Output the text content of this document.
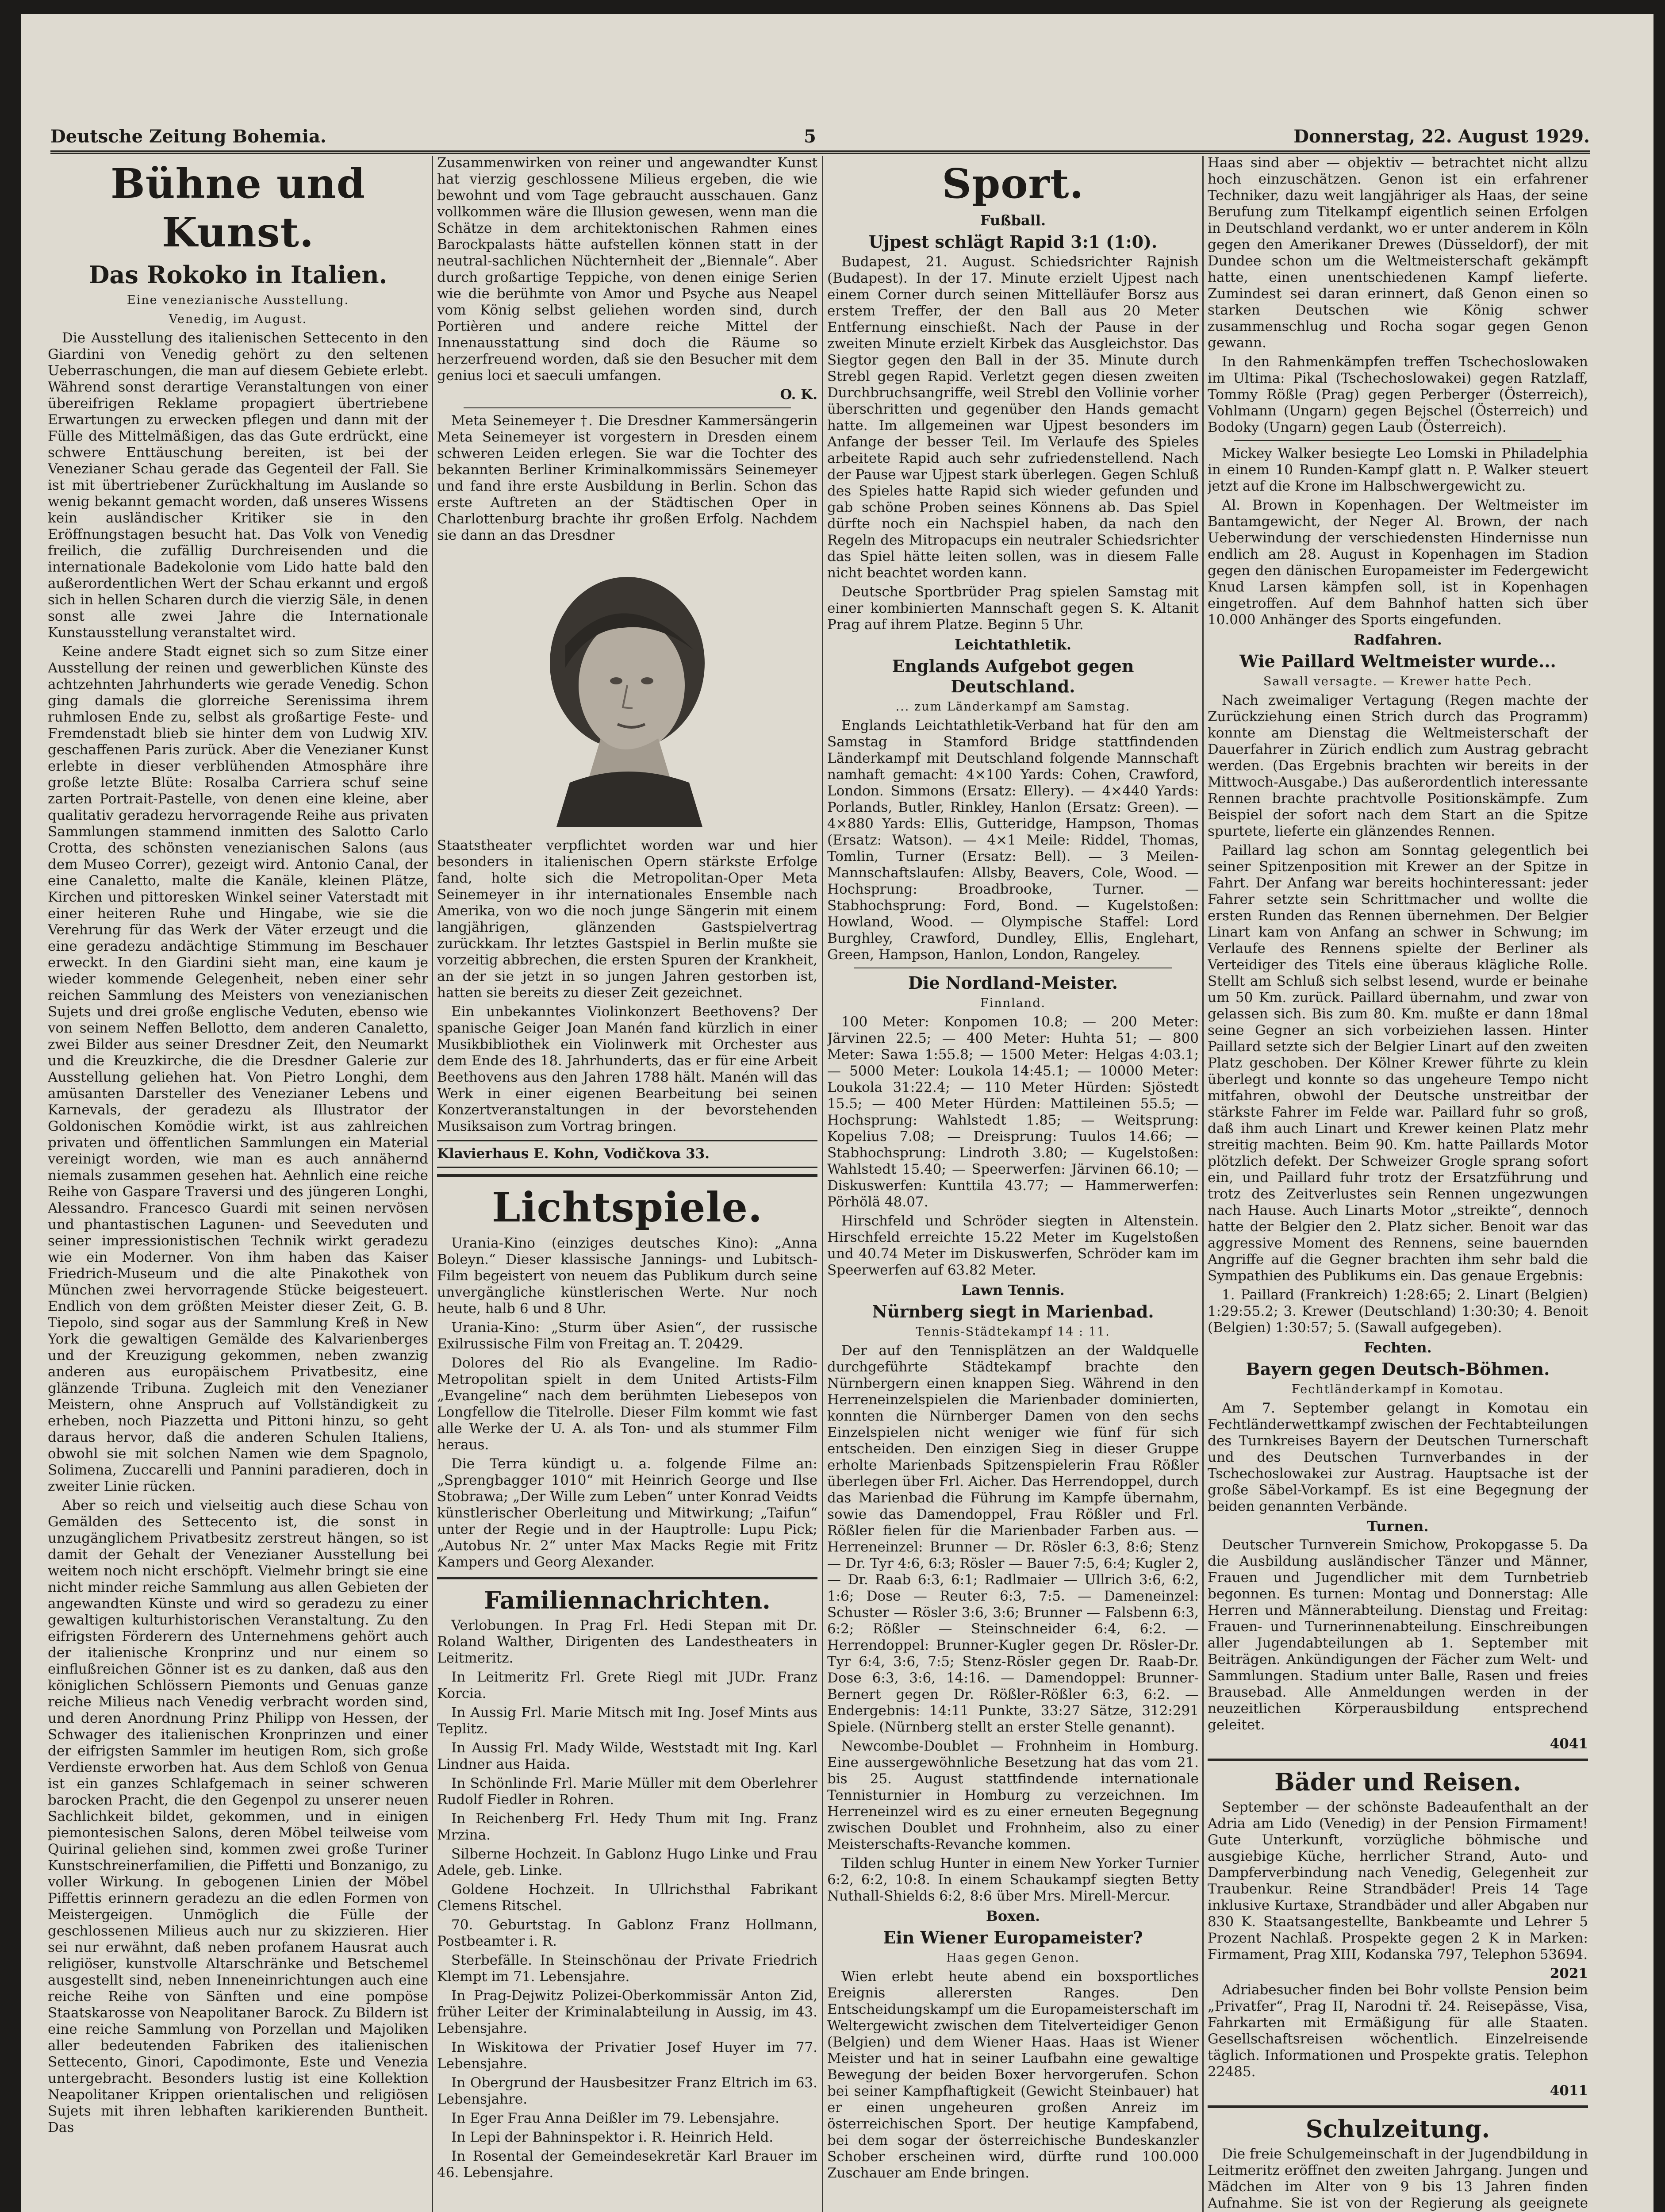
Deutsche Zeitung Bohemia.	5	Donnerstag, 22. August 1929.
Bühne und Kunst.
Das Rokoko in Italien.
Eine venezianische Ausstellung.
Venedig, im August.

Die Ausstellung des italienischen Settecento in den Giardini von Venedig gehört zu den seltenen Ueberraschungen, die man auf diesem Gebiete erlebt. Während sonst derartige Veranstaltungen von einer übereifrigen Reklame propagiert übertriebene Erwartungen zu erwecken pflegen und dann mit der Fülle des Mittelmäßigen, das das Gute erdrückt, eine schwere Enttäuschung bereiten, ist bei der Venezianer Schau gerade das Gegenteil der Fall. Sie ist mit übertriebener Zurückhaltung im Auslande so wenig bekannt gemacht worden, daß unseres Wissens kein ausländischer Kritiker sie in den Eröffnungstagen besucht hat. Das Volk von Venedig freilich, die zufällig Durchreisenden und die internationale Badekolonie vom Lido hatte bald den außerordentlichen Wert der Schau erkannt und ergoß sich in hellen Scharen durch die vierzig Säle, in denen sonst alle zwei Jahre die Internationale Kunstausstellung veranstaltet wird.

Keine andere Stadt eignet sich so zum Sitze einer Ausstellung der reinen und gewerblichen Künste des achtzehnten Jahrhunderts wie gerade Venedig. Schon ging damals die glorreiche Serenissima ihrem ruhmlosen Ende zu, selbst als großartige Feste- und Fremdenstadt blieb sie hinter dem von Ludwig XIV. geschaffenen Paris zurück. Aber die Venezianer Kunst erlebte in dieser verblühenden Atmosphäre ihre große letzte Blüte: Rosalba Carriera schuf seine zarten Portrait-Pastelle, von denen eine kleine, aber qualitativ geradezu hervorragende Reihe aus privaten Sammlungen stammend inmitten des Salotto Carlo Crotta, des schönsten venezianischen Salons (aus dem Museo Correr), gezeigt wird. Antonio Canal, der eine Canaletto, malte die Kanäle, kleinen Plätze, Kirchen und pittoresken Winkel seiner Vaterstadt mit einer heiteren Ruhe und Hingabe, wie sie die Verehrung für das Werk der Väter erzeugt und die eine geradezu andächtige Stimmung im Beschauer erweckt. In den Giardini sieht man, eine kaum je wieder kommende Gelegenheit, neben einer sehr reichen Sammlung des Meisters von venezianischen Sujets und drei große englische Veduten, ebenso wie von seinem Neffen Bellotto, dem anderen Canaletto, zwei Bilder aus seiner Dresdner Zeit, den Neumarkt und die Kreuzkirche, die die Dresdner Galerie zur Ausstellung geliehen hat. Von Pietro Longhi, dem amüsanten Darsteller des Venezianer Lebens und Karnevals, der geradezu als Illustrator der Goldonischen Komödie wirkt, ist aus zahlreichen privaten und öffentlichen Sammlungen ein Material vereinigt worden, wie man es auch annähernd niemals zusammen gesehen hat. Aehnlich eine reiche Reihe von Gaspare Traversi und des jüngeren Longhi, Alessandro. Francesco Guardi mit seinen nervösen und phantastischen Lagunen- und Seeveduten und seiner impressionistischen Technik wirkt geradezu wie ein Moderner. Von ihm haben das Kaiser Friedrich-Museum und die alte Pinakothek von München zwei hervorragende Stücke beigesteuert. Endlich von dem größten Meister dieser Zeit, G. B. Tiepolo, sind sogar aus der Sammlung Kreß in New York die gewaltigen Gemälde des Kalvarienberges und der Kreuzigung gekommen, neben zwanzig anderen aus europäischem Privatbesitz, eine glänzende Tribuna. Zugleich mit den Venezianer Meistern, ohne Anspruch auf Vollständigkeit zu erheben, noch Piazzetta und Pittoni hinzu, so geht daraus hervor, daß die anderen Schulen Italiens, obwohl sie mit solchen Namen wie dem Spagnolo, Solimena, Zuccarelli und Pannini paradieren, doch in zweiter Linie rücken.

Aber so reich und vielseitig auch diese Schau von Gemälden des Settecento ist, die sonst in unzugänglichem Privatbesitz zerstreut hängen, so ist damit der Gehalt der Venezianer Ausstellung bei weitem noch nicht erschöpft. Vielmehr bringt sie eine nicht minder reiche Sammlung aus allen Gebieten der angewandten Künste und wird so geradezu zu einer gewaltigen kulturhistorischen Veranstaltung. Zu den eifrigsten Förderern des Unternehmens gehört auch der italienische Kronprinz und nur einem so einflußreichen Gönner ist es zu danken, daß aus den königlichen Schlössern Piemonts und Genuas ganze reiche Milieus nach Venedig verbracht worden sind, und deren Anordnung Prinz Philipp von Hessen, der Schwager des italienischen Kronprinzen und einer der eifrigsten Sammler im heutigen Rom, sich große Verdienste erworben hat. Aus dem Schloß von Genua ist ein ganzes Schlafgemach in seiner schweren barocken Pracht, die den Gegenpol zu unserer neuen Sachlichkeit bildet, gekommen, und in einigen piemontesischen Salons, deren Möbel teilweise vom Quirinal geliehen sind, kommen zwei große Turiner Kunstschreinerfamilien, die Piffetti und Bonzanigo, zu voller Wirkung. In gebogenen Linien der Möbel Piffettis erinnern geradezu an die edlen Formen von Meistergeigen. Unmöglich die Fülle der geschlossenen Milieus auch nur zu skizzieren. Hier sei nur erwähnt, daß neben profanem Hausrat auch religiöser, kunstvolle Altarschränke und Betschemel ausgestellt sind, neben Inneneinrichtungen auch eine reiche Reihe von Sänften und eine pompöse Staatskarosse von Neapolitaner Barock. Zu Bildern ist eine reiche Sammlung von Porzellan und Majoliken aller bedeutenden Fabriken des italienischen Settecento, Ginori, Capodimonte, Este und Venezia untergebracht. Besonders lustig ist eine Kollektion Neapolitaner Krippen orientalischen und religiösen Sujets mit ihren lebhaften karikierenden Buntheit. Das

Zusammenwirken von reiner und angewandter Kunst hat vierzig geschlossene Milieus ergeben, die wie bewohnt und vom Tage gebraucht ausschauen. Ganz vollkommen wäre die Illusion gewesen, wenn man die Schätze in dem architektonischen Rahmen eines Barockpalasts hätte aufstellen können statt in der neutral-sachlichen Nüchternheit der „Biennale“. Aber durch großartige Teppiche, von denen einige Serien wie die berühmte von Amor und Psyche aus Neapel vom König selbst geliehen worden sind, durch Portièren und andere reiche Mittel der Innenausstattung sind doch die Räume so herzerfreuend worden, daß sie den Besucher mit dem genius loci et saeculi umfangen.

O. K.

Meta Seinemeyer †. Die Dresdner Kammersängerin Meta Seinemeyer ist vorgestern in Dresden einem schweren Leiden erlegen. Sie war die Tochter des bekannten Berliner Kriminalkommissärs Seinemeyer und fand ihre erste Ausbildung in Berlin. Schon das erste Auftreten an der Städtischen Oper in Charlottenburg brachte ihr großen Erfolg. Nachdem sie dann an das Dresdner

Staatstheater verpflichtet worden war und hier besonders in italienischen Opern stärkste Erfolge fand, holte sich die Metropolitan-Oper Meta Seinemeyer in ihr internationales Ensemble nach Amerika, von wo die noch junge Sängerin mit einem langjährigen, glänzenden Gastspielvertrag zurückkam. Ihr letztes Gastspiel in Berlin mußte sie vorzeitig abbrechen, die ersten Spuren der Krankheit, an der sie jetzt in so jungen Jahren gestorben ist, hatten sie bereits zu dieser Zeit gezeichnet.

Ein unbekanntes Violinkonzert Beethovens? Der spanische Geiger Joan Manén fand kürzlich in einer Musikbibliothek ein Violinwerk mit Orchester aus dem Ende des 18. Jahrhunderts, das er für eine Arbeit Beethovens aus den Jahren 1788 hält. Manén will das Werk in einer eigenen Bearbeitung bei seinen Konzertveranstaltungen in der bevorstehenden Musiksaison zum Vortrag bringen.

Klavierhaus E. Kohn, Vodičkova 33.
Lichtspiele.

Urania-Kino (einziges deutsches Kino): „Anna Boleyn.“ Dieser klassische Jannings- und Lubitsch-Film begeistert von neuem das Publikum durch seine unvergängliche künstlerischen Werte. Nur noch heute, halb 6 und 8 Uhr.

Urania-Kino: „Sturm über Asien“, der russische Exilrussische Film von Freitag an. T. 20429.

Dolores del Rio als Evangeline. Im Radio-Metropolitan spielt in dem United Artists-Film „Evangeline“ nach dem berühmten Liebesepos von Longfellow die Titelrolle. Dieser Film kommt wie fast alle Werke der U. A. als Ton- und als stummer Film heraus.

Die Terra kündigt u. a. folgende Filme an: „Sprengbagger 1010“ mit Heinrich George und Ilse Stobrawa; „Der Wille zum Leben“ unter Konrad Veidts künstlerischer Oberleitung und Mitwirkung; „Taifun“ unter der Regie und in der Hauptrolle: Lupu Pick; „Autobus Nr. 2“ unter Max Macks Regie mit Fritz Kampers und Georg Alexander.

Familiennachrichten.

Verlobungen. In Prag Frl. Hedi Stepan mit Dr. Roland Walther, Dirigenten des Landestheaters in Leitmeritz.

In Leitmeritz Frl. Grete Riegl mit JUDr. Franz Korcia.

In Aussig Frl. Marie Mitsch mit Ing. Josef Mints aus Teplitz.

In Aussig Frl. Mady Wilde, Weststadt mit Ing. Karl Lindner aus Haida.

In Schönlinde Frl. Marie Müller mit dem Oberlehrer Rudolf Fiedler in Rohren.

In Reichenberg Frl. Hedy Thum mit Ing. Franz Mrzina.

Silberne Hochzeit. In Gablonz Hugo Linke und Frau Adele, geb. Linke.

Goldene Hochzeit. In Ullrichsthal Fabrikant Clemens Ritschel.

70. Geburtstag. In Gablonz Franz Hollmann, Postbeamter i. R.

Sterbefälle. In Steinschönau der Private Friedrich Klempt im 71. Lebensjahre.

In Prag-Dejwitz Polizei-Oberkommissär Anton Zid, früher Leiter der Kriminalabteilung in Aussig, im 43. Lebensjahre.

In Wiskitowa der Privatier Josef Huyer im 77. Lebensjahre.

In Obergrund der Hausbesitzer Franz Eltrich im 63. Lebensjahre.

In Eger Frau Anna Deißler im 79. Lebensjahre.

In Lepi der Bahninspektor i. R. Heinrich Held.

In Rosental der Gemeindesekretär Karl Brauer im 46. Lebensjahre.

Sport.
Fußball.
Ujpest schlägt Rapid 3:1 (1:0).

Budapest, 21. August. Schiedsrichter Rajnish (Budapest). In der 17. Minute erzielt Ujpest nach einem Corner durch seinen Mittelläufer Borsz aus erstem Treffer, der den Ball aus 20 Meter Entfernung einschießt. Nach der Pause in der zweiten Minute erzielt Kirbek das Ausgleichstor. Das Siegtor gegen den Ball in der 35. Minute durch Strebl gegen Rapid. Verletzt gegen diesen zweiten Durchbruchsangriffe, weil Strebl den Vollinie vorher überschritten und gegenüber den Hands gemacht hatte. Im allgemeinen war Ujpest besonders im Anfange der besser Teil. Im Verlaufe des Spieles arbeitete Rapid auch sehr zufriedenstellend. Nach der Pause war Ujpest stark überlegen. Gegen Schluß des Spieles hatte Rapid sich wieder gefunden und gab schöne Proben seines Könnens ab. Das Spiel dürfte noch ein Nachspiel haben, da nach den Regeln des Mitropacups ein neutraler Schiedsrichter das Spiel hätte leiten sollen, was in diesem Falle nicht beachtet worden kann.

Deutsche Sportbrüder Prag spielen Samstag mit einer kombinierten Mannschaft gegen S. K. Altanit Prag auf ihrem Platze. Beginn 5 Uhr.

Leichtathletik.
Englands Aufgebot gegen Deutschland.
... zum Länderkampf am Samstag.

Englands Leichtathletik-Verband hat für den am Samstag in Stamford Bridge stattfindenden Länderkampf mit Deutschland folgende Mannschaft namhaft gemacht: 4×100 Yards: Cohen, Crawford, London. Simmons (Ersatz: Ellery). — 4×440 Yards: Porlands, Butler, Rinkley, Hanlon (Ersatz: Green). — 4×880 Yards: Ellis, Gutteridge, Hampson, Thomas (Ersatz: Watson). — 4×1 Meile: Riddel, Thomas, Tomlin, Turner (Ersatz: Bell). — 3 Meilen-Mannschaftslaufen: Allsby, Beavers, Cole, Wood. — Hochsprung: Broadbrooke, Turner. — Stabhochsprung: Ford, Bond. — Kugelstoßen: Howland, Wood. — Olympische Staffel: Lord Burghley, Crawford, Dundley, Ellis, Englehart, Green, Hampson, Hanlon, London, Rangeley.

Die Nordland-Meister.
Finnland.

100 Meter: Konpomen 10.8; — 200 Meter: Järvinen 22.5; — 400 Meter: Huhta 51; — 800 Meter: Sawa 1:55.8; — 1500 Meter: Helgas 4:03.1; — 5000 Meter: Loukola 14:45.1; — 10000 Meter: Loukola 31:22.4; — 110 Meter Hürden: Sjöstedt 15.5; — 400 Meter Hürden: Mattileinen 55.5; — Hochsprung: Wahlstedt 1.85; — Weitsprung: Kopelius 7.08; — Dreisprung: Tuulos 14.66; — Stabhochsprung: Lindroth 3.80; — Kugelstoßen: Wahlstedt 15.40; — Speerwerfen: Järvinen 66.10; — Diskuswerfen: Kunttila 43.77; — Hammerwerfen: Pörhölä 48.07.

Hirschfeld und Schröder siegten in Altenstein. Hirschfeld erreichte 15.22 Meter im Kugelstoßen und 40.74 Meter im Diskuswerfen, Schröder kam im Speerwerfen auf 63.82 Meter.

Lawn Tennis.
Nürnberg siegt in Marienbad.
Tennis-Städtekampf 14 : 11.

Der auf den Tennisplätzen an der Waldquelle durchgeführte Städtekampf brachte den Nürnbergern einen knappen Sieg. Während in den Herreneinzelspielen die Marienbader dominierten, konnten die Nürnberger Damen von den sechs Einzelspielen nicht weniger wie fünf für sich entscheiden. Den einzigen Sieg in dieser Gruppe erholte Marienbads Spitzenspielerin Frau Rößler überlegen über Frl. Aicher. Das Herrendoppel, durch das Marienbad die Führung im Kampfe übernahm, sowie das Damendoppel, Frau Rößler und Frl. Rößler fielen für die Marienbader Farben aus. — Herreneinzel: Brunner — Dr. Rösler 6:3, 8:6; Stenz — Dr. Tyr 4:6, 6:3; Rösler — Bauer 7:5, 6:4; Kugler 2, — Dr. Raab 6:3, 6:1; Radlmaier — Ullrich 3:6, 6:2, 1:6; Dose — Reuter 6:3, 7:5. — Dameneinzel: Schuster — Rösler 3:6, 3:6; Brunner — Falsbenn 6:3, 6:2; Rößler — Steinschneider 6:4, 6:2. — Herrendoppel: Brunner-Kugler gegen Dr. Rösler-Dr. Tyr 6:4, 3:6, 7:5; Stenz-Rösler gegen Dr. Raab-Dr. Dose 6:3, 3:6, 14:16. — Damendoppel: Brunner-Bernert gegen Dr. Rößler-Rößler 6:3, 6:2. — Endergebnis: 14:11 Punkte, 33:27 Sätze, 312:291 Spiele. (Nürnberg stellt an erster Stelle genannt).

Newcombe-Doublet — Frohnheim in Homburg. Eine aussergewöhnliche Besetzung hat das vom 21. bis 25. August stattfindende internationale Tennisturnier in Homburg zu verzeichnen. Im Herreneinzel wird es zu einer erneuten Begegnung zwischen Doublet und Frohnheim, also zu einer Meisterschafts-Revanche kommen.

Tilden schlug Hunter in einem New Yorker Turnier 6:2, 6:2, 10:8. In einem Schaukampf siegten Betty Nuthall-Shields 6:2, 8:6 über Mrs. Mirell-Mercur.

Boxen.
Ein Wiener Europameister?
Haas gegen Genon.

Wien erlebt heute abend ein boxsportliches Ereignis allerersten Ranges. Den Entscheidungskampf um die Europameisterschaft im Weltergewicht zwischen dem Titelverteidiger Genon (Belgien) und dem Wiener Haas. Haas ist Wiener Meister und hat in seiner Laufbahn eine gewaltige Bewegung der beiden Boxer hervorgerufen. Schon bei seiner Kampfhaftigkeit (Gewicht Steinbauer) hat er einen ungeheuren großen Anreiz im österreichischen Sport. Der heutige Kampfabend, bei dem sogar der österreichische Bundeskanzler Schober erscheinen wird, dürfte rund 100.000 Zuschauer am Ende bringen.

Haas sind aber — objektiv — betrachtet nicht allzu hoch einzuschätzen. Genon ist ein erfahrener Techniker, dazu weit langjähriger als Haas, der seine Berufung zum Titelkampf eigentlich seinen Erfolgen in Deutschland verdankt, wo er unter anderem in Köln gegen den Amerikaner Drewes (Düsseldorf), der mit Dundee schon um die Weltmeisterschaft gekämpft hatte, einen unentschiedenen Kampf lieferte. Zumindest sei daran erinnert, daß Genon einen so starken Deutschen wie König schwer zusammenschlug und Rocha sogar gegen Genon gewann.

In den Rahmenkämpfen treffen Tschechoslowaken im Ultima: Pikal (Tschechoslowakei) gegen Ratzlaff, Tommy Rößle (Prag) gegen Perberger (Österreich), Vohlmann (Ungarn) gegen Bejschel (Österreich) und Bodoky (Ungarn) gegen Laub (Österreich).

Mickey Walker besiegte Leo Lomski in Philadelphia in einem 10 Runden-Kampf glatt n. P. Walker steuert jetzt auf die Krone im Halbschwergewicht zu.

Al. Brown in Kopenhagen. Der Weltmeister im Bantamgewicht, der Neger Al. Brown, der nach Ueberwindung der verschiedensten Hindernisse nun endlich am 28. August in Kopenhagen im Stadion gegen den dänischen Europameister im Federgewicht Knud Larsen kämpfen soll, ist in Kopenhagen eingetroffen. Auf dem Bahnhof hatten sich über 10.000 Anhänger des Sports eingefunden.

Radfahren.
Wie Paillard Weltmeister wurde...
Sawall versagte. — Krewer hatte Pech.

Nach zweimaliger Vertagung (Regen machte der Zurückziehung einen Strich durch das Programm) konnte am Dienstag die Weltmeisterschaft der Dauerfahrer in Zürich endlich zum Austrag gebracht werden. (Das Ergebnis brachten wir bereits in der Mittwoch-Ausgabe.) Das außerordentlich interessante Rennen brachte prachtvolle Positionskämpfe. Zum Beispiel der sofort nach dem Start an die Spitze spurtete, lieferte ein glänzendes Rennen.

Paillard lag schon am Sonntag gelegentlich bei seiner Spitzenposition mit Krewer an der Spitze in Fahrt. Der Anfang war bereits hochinteressant: jeder Fahrer setzte sein Schrittmacher und wollte die ersten Runden das Rennen übernehmen. Der Belgier Linart kam von Anfang an schwer in Schwung; im Verlaufe des Rennens spielte der Berliner als Verteidiger des Titels eine überaus klägliche Rolle. Stellt am Schluß sich selbst lesend, wurde er beinahe um 50 Km. zurück. Paillard übernahm, und zwar von gelassen sich. Bis zum 80. Km. mußte er dann 18mal seine Gegner an sich vorbeiziehen lassen. Hinter Paillard setzte sich der Belgier Linart auf den zweiten Platz geschoben. Der Kölner Krewer führte zu klein überlegt und konnte so das ungeheure Tempo nicht mitfahren, obwohl der Deutsche unstreitbar der stärkste Fahrer im Felde war. Paillard fuhr so groß, daß ihm auch Linart und Krewer keinen Platz mehr streitig machten. Beim 90. Km. hatte Paillards Motor plötzlich defekt. Der Schweizer Grogle sprang sofort ein, und Paillard fuhr trotz der Ersatzführung und trotz des Zeitverlustes sein Rennen ungezwungen nach Hause. Auch Linarts Motor „streikte“, dennoch hatte der Belgier den 2. Platz sicher. Benoit war das aggressive Moment des Rennens, seine bauernden Angriffe auf die Gegner brachten ihm sehr bald die Sympathien des Publikums ein. Das genaue Ergebnis:

1. Paillard (Frankreich) 1:28:65; 2. Linart (Belgien) 1:29:55.2; 3. Krewer (Deutschland) 1:30:30; 4. Benoit (Belgien) 1:30:57; 5. (Sawall aufgegeben).

Fechten.
Bayern gegen Deutsch-Böhmen.
Fechtländerkampf in Komotau.

Am 7. September gelangt in Komotau ein Fechtländerwettkampf zwischen der Fechtabteilungen des Turnkreises Bayern der Deutschen Turnerschaft und des Deutschen Turnverbandes in der Tschechoslowakei zur Austrag. Hauptsache ist der große Säbel-Vorkampf. Es ist eine Begegnung der beiden genannten Verbände.

Turnen.

Deutscher Turnverein Smichow, Prokopgasse 5. Da die Ausbildung ausländischer Tänzer und Männer, Frauen und Jugendlicher mit dem Turnbetrieb begonnen. Es turnen: Montag und Donnerstag: Alle Herren und Männerabteilung. Dienstag und Freitag: Frauen- und Turnerinnenabteilung. Einschreibungen aller Jugendabteilungen ab 1. September mit Beiträgen. Ankündigungen der Fächer zum Welt- und Sammlungen. Stadium unter Balle, Rasen und freies Brausebad. Alle Anmeldungen werden in der neuzeitlichen Körperausbildung entsprechend geleitet.

4041
Bäder und Reisen.

September — der schönste Badeaufenthalt an der Adria am Lido (Venedig) in der Pension Firmament! Gute Unterkunft, vorzügliche böhmische und ausgiebige Küche, herrlicher Strand, Auto- und Dampferverbindung nach Venedig, Gelegenheit zur Traubenkur. Reine Strandbäder! Preis 14 Tage inklusive Kurtaxe, Strandbäder und aller Abgaben nur 830 K. Staatsangestellte, Bankbeamte und Lehrer 5 Prozent Nachlaß. Prospekte gegen 2 K in Marken: Firmament, Prag XIII, Kodanska 797, Telephon 53694.

2021

Adriabesucher finden bei Bohr vollste Pension beim „Privatfer“, Prag II, Narodni tř. 24. Reisepässe, Visa, Fahrkarten mit Ermäßigung für alle Staaten. Gesellschaftsreisen wöchentlich. Einzelreisende täglich. Informationen und Prospekte gratis. Telephon 22485.

4011
Schulzeitung.

Die freie Schulgemeinschaft in der Jugendbildung in Leitmeritz eröffnet den zweiten Jahrgang. Jungen und Mädchen im Alter von 9 bis 13 Jahren finden Aufnahme. Sie ist von der Regierung als geeignete
